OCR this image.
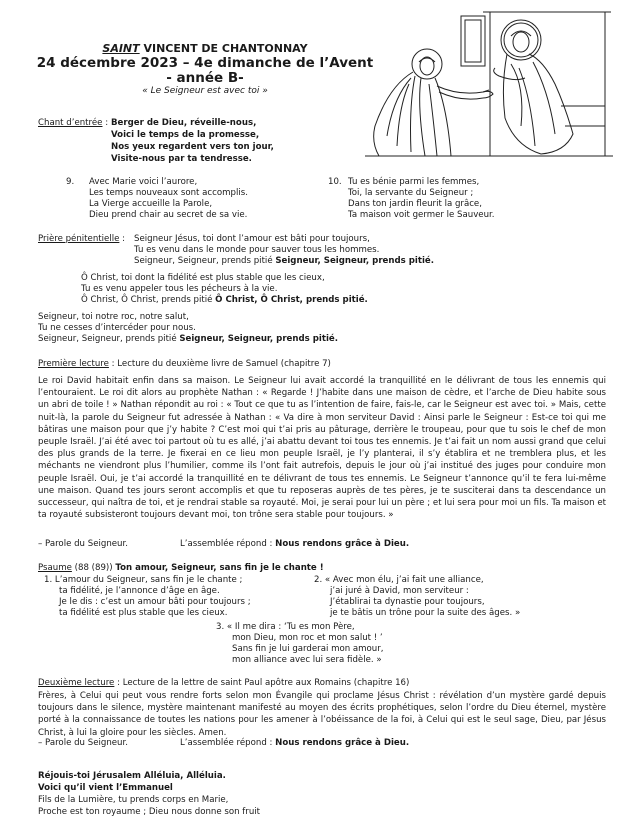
SAINT VINCENT DE CHANTONNAY
24 décembre 2023 – 4e dimanche de l’Avent
- année B-
« Le Seigneur est avec toi »
Chant d’entrée : Berger de Dieu, réveille-nous,
Voici le temps de la promesse,
Nos yeux regardent vers ton jour,
Visite-nous par ta tendresse.
9. Avec Marie voici l’aurore,
Les temps nouveaux sont accomplis.
La Vierge accueille la Parole,
Dieu prend chair au secret de sa vie.
10. Tu es bénie parmi les femmes,
Toi, la servante du Seigneur ;
Dans ton jardin fleurit la grâce,
Ta maison voit germer le Sauveur.
Prière pénitentielle : Seigneur Jésus, toi dont l’amour est bâti pour toujours,
Tu es venu dans le monde pour sauver tous les hommes.
Seigneur, Seigneur, prends pitié Seigneur, Seigneur, prends pitié.
Ô Christ, toi dont la fidélité est plus stable que les cieux,
Tu es venu appeler tous les pécheurs à la vie.
Ô Christ, Ô Christ, prends pitié Ô Christ, Ô Christ, prends pitié.
Seigneur, toi notre roc, notre salut,
Tu ne cesses d’intercéder pour nous.
Seigneur, Seigneur, prends pitié Seigneur, Seigneur, prends pitié.
Première lecture : Lecture du deuxième livre de Samuel (chapitre 7)
Le roi David habitait enfin dans sa maison. Le Seigneur lui avait accordé la tranquillité en le délivrant de tous les ennemis qui l’entouraient. Le roi dit alors au prophète Nathan : « Regarde ! J’habite dans une maison de cèdre, et l’arche de Dieu habite sous un abri de toile ! » Nathan répondit au roi : « Tout ce que tu as l’intention de faire, fais-le, car le Seigneur est avec toi. » Mais, cette nuit-là, la parole du Seigneur fut adressée à Nathan : « Va dire à mon serviteur David : Ainsi parle le Seigneur : Est-ce toi qui me bâtiras une maison pour que j’y habite ? C’est moi qui t’ai pris au pâturage, derrière le troupeau, pour que tu sois le chef de mon peuple Israël. J’ai été avec toi partout où tu es allé, j’ai abattu devant toi tous tes ennemis. Je t’ai fait un nom aussi grand que celui des plus grands de la terre. Je fixerai en ce lieu mon peuple Israël, je l’y planterai, il s’y établira et ne tremblera plus, et les méchants ne viendront plus l’humilier, comme ils l’ont fait autrefois, depuis le jour où j’ai institué des juges pour conduire mon peuple Israël. Oui, je t’ai accordé la tranquillité en te délivrant de tous tes ennemis. Le Seigneur t’annonce qu’il te fera lui-même une maison. Quand tes jours seront accomplis et que tu reposeras auprès de tes pères, je te susciterai dans ta descendance un successeur, qui naîtra de toi, et je rendrai stable sa royauté. Moi, je serai pour lui un père ; et lui sera pour moi un fils. Ta maison et ta royauté subsisteront toujours devant moi, ton trône sera stable pour toujours. »
– Parole du Seigneur.	L’assemblée répond : Nous rendons grâce à Dieu.
Psaume (88 (89)) Ton amour, Seigneur, sans fin je le chante !
1. L’amour du Seigneur, sans fin je le chante ;
ta fidélité, je l’annonce d’âge en âge.
Je le dis : c’est un amour bâti pour toujours ;
ta fidélité est plus stable que les cieux.
2. « Avec mon élu, j’ai fait une alliance,
j’ai juré à David, mon serviteur :
J’établirai ta dynastie pour toujours,
je te bâtis un trône pour la suite des âges. »
3. « Il me dira : ‘Tu es mon Père,
mon Dieu, mon roc et mon salut ! ’
Sans fin je lui garderai mon amour,
mon alliance avec lui sera fidèle. »
Deuxième lecture : Lecture de la lettre de saint Paul apôtre aux Romains (chapitre 16)
Frères, à Celui qui peut vous rendre forts selon mon Évangile qui proclame Jésus Christ : révélation d’un mystère gardé depuis toujours dans le silence, mystère maintenant manifesté au moyen des écrits prophétiques, selon l’ordre du Dieu éternel, mystère porté à la connaissance de toutes les nations pour les amener à l’obéissance de la foi, à Celui qui est le seul sage, Dieu, par Jésus Christ, à lui la gloire pour les siècles. Amen.
– Parole du Seigneur.	L’assemblée répond : Nous rendons grâce à Dieu.
Réjouis-toi Jérusalem Alléluia, Alléluia.
Voici qu’il vient l’Emmanuel
Fils de la Lumière, tu prends corps en Marie,
Proche est ton royaume ; Dieu nous donne son fruit
